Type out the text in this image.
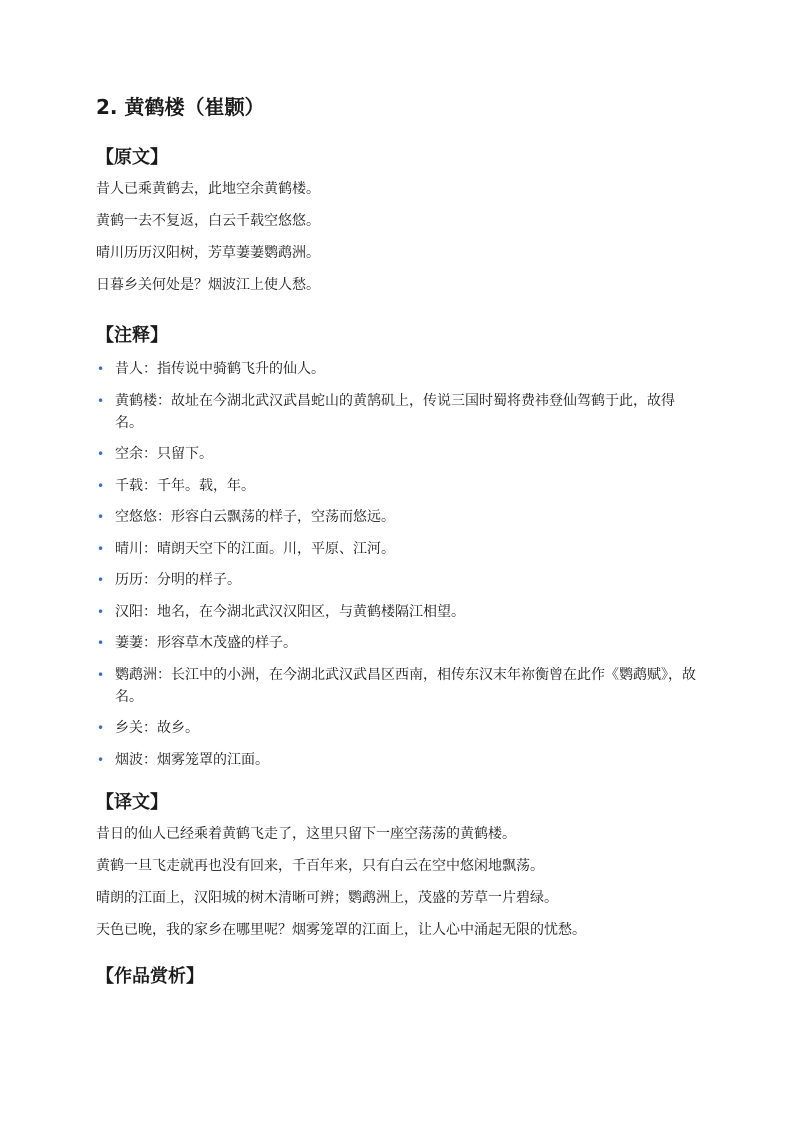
2. 黄鹤楼（崔颢）
【原文】

昔人已乘黄鹤去，此地空余黄鹤楼。

黄鹤一去不复返，白云千载空悠悠。

晴川历历汉阳树，芳草萋萋鹦鹉洲。

日暮乡关何处是？烟波江上使人愁。

【注释】
• 昔人：指传说中骑鹤飞升的仙人。
• 黄鹤楼：故址在今湖北武汉武昌蛇山的黄鹄矶上，传说三国时蜀将费祎登仙驾鹤于此，故得名。
• 空余：只留下。
• 千载：千年。载，年。
• 空悠悠：形容白云飘荡的样子，空荡而悠远。
• 晴川：晴朗天空下的江面。川，平原、江河。
• 历历：分明的样子。
• 汉阳：地名，在今湖北武汉汉阳区，与黄鹤楼隔江相望。
• 萋萋：形容草木茂盛的样子。
• 鹦鹉洲：长江中的小洲，在今湖北武汉武昌区西南，相传东汉末年祢衡曾在此作《鹦鹉赋》，故名。
• 乡关：故乡。
• 烟波：烟雾笼罩的江面。
【译文】

昔日的仙人已经乘着黄鹤飞走了，这里只留下一座空荡荡的黄鹤楼。

黄鹤一旦飞走就再也没有回来，千百年来，只有白云在空中悠闲地飘荡。

晴朗的江面上，汉阳城的树木清晰可辨；鹦鹉洲上，茂盛的芳草一片碧绿。

天色已晚，我的家乡在哪里呢？烟雾笼罩的江面上，让人心中涌起无限的忧愁。

【作品赏析】
